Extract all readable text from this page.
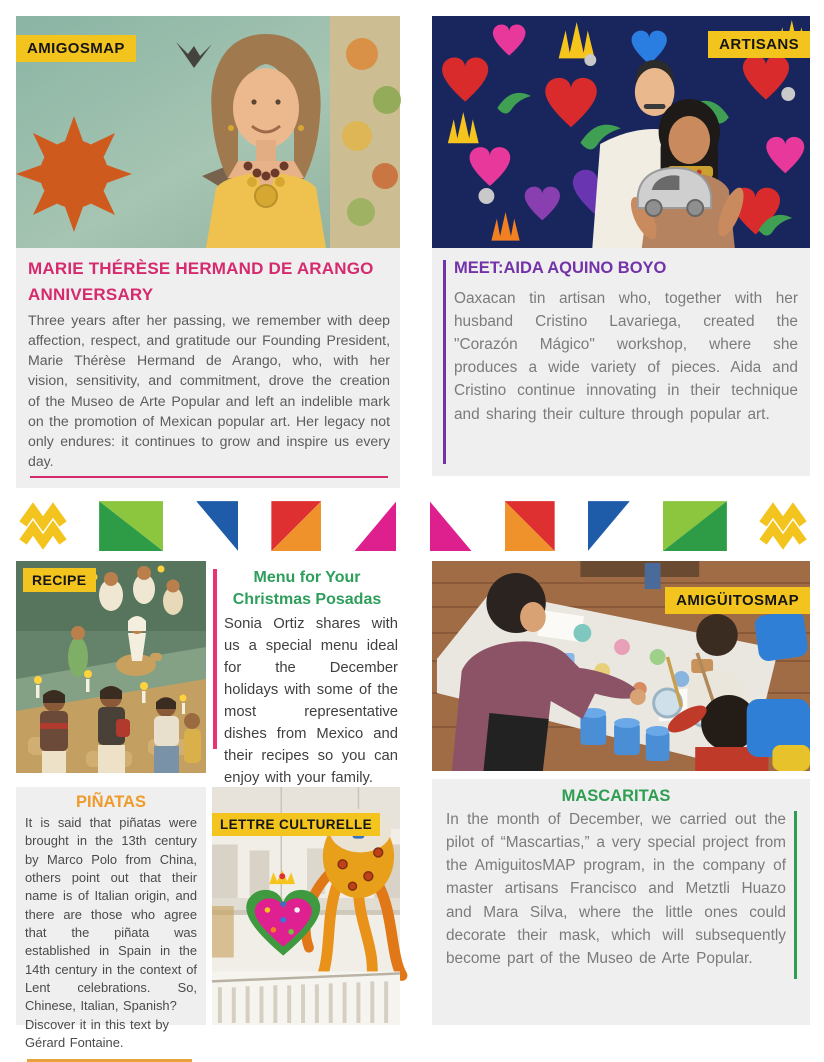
AMIGOSMAP
MARIE THÉRÈSE HERMAND DE ARANGO ANNIVERSARY

Three years after her passing, we remember with deep affection, respect, and gratitude our Founding President, Marie Thérèse Hermand de Arango, who, with her vision, sensitivity, and commitment, drove the creation of the Museo de Arte Popular and left an indelible mark on the promotion of Mexican popular art. Her legacy not only endures: it continues to grow and inspire us every day.

ARTISANS
MEET:AIDA AQUINO BOYO

Oaxacan tin artisan who, together with her husband Cristino Lavariega, created the "Corazón Mágico" workshop, where she produces a wide variety of pieces. Aida and Cristino continue innovating in their technique and sharing their culture through popular art.

RECIPE	Menu for Your Christmas Posadas

Sonia Ortiz shares with us a special menu ideal for the December holidays with some of the most representative dishes from Mexico and their recipes so you can enjoy with your family.

PIÑATAS

It is said that piñatas were brought in the 13th century by Marco Polo from China, others point out that their name is of Italian origin, and there are those who agree that the piñata was established in Spain in the 14th century in the context of Lent celebrations. So, Chinese, Italian, Spanish?

Discover it in this text by Gérard Fontaine.

LETTRE CULTURELLE
AMIGÜITOSMAP
MASCARITAS

In the month of December, we carried out the pilot of “Mascartias,” a very special project from the AmiguitosMAP program, in the company of master artisans Francisco and Metztli Huazo and Mara Silva, where the little ones could decorate their mask, which will subsequently become part of the Museo de Arte Popular.
